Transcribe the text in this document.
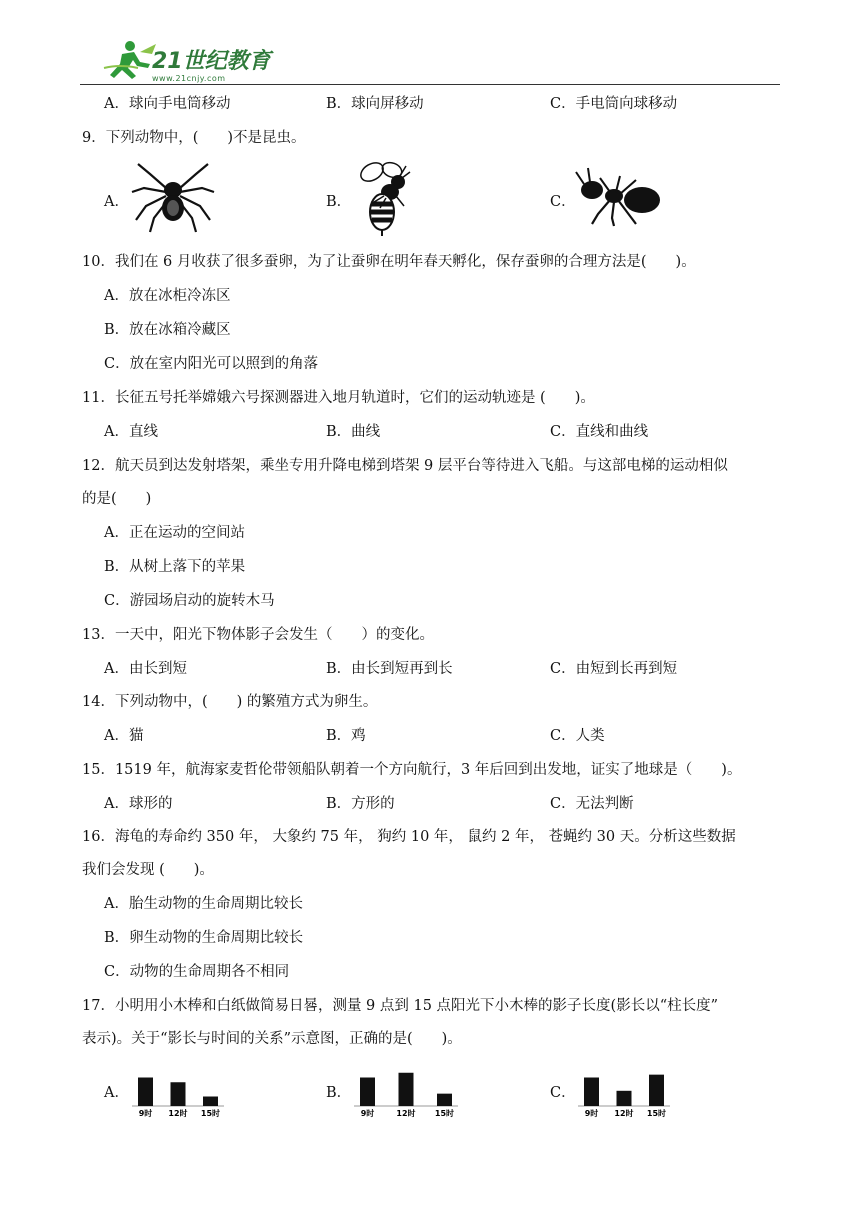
21世纪教育
www.21cnjy.com
A．球向手电筒移动	B．球向屏移动	C．手电筒向球移动
9．下列动物中，(　　)不是昆虫。
A．	B．	C．
10．我们在 6 月收获了很多蚕卵，为了让蚕卵在明年春天孵化，保存蚕卵的合理方法是(　　)。
A．放在冰柜冷冻区
B．放在冰箱冷藏区
C．放在室内阳光可以照到的角落
11．长征五号托举嫦娥六号探测器进入地月轨道时，它们的运动轨迹是 (　　)。
A．直线	B．曲线	C．直线和曲线
12．航天员到达发射塔架，乘坐专用升降电梯到塔架 9 层平台等待进入飞船。与这部电梯的运动相似
的是(　　)
A．正在运动的空间站
B．从树上落下的苹果
C．游园场启动的旋转木马
13．一天中，阳光下物体影子会发生（　　）的变化。
A．由长到短	B．由长到短再到长	C．由短到长再到短
14．下列动物中，(　　) 的繁殖方式为卵生。
A．猫	B．鸡	C．人类
15．1519 年，航海家麦哲伦带领船队朝着一个方向航行，3 年后回到出发地，证实了地球是（　　)。
A．球形的	B．方形的	C．无法判断
16．海龟的寿命约 350 年， 大象约 75 年， 狗约 10 年， 鼠约 2 年， 苍蝇约 30 天。分析这些数据
我们会发现 (　　)。
A．胎生动物的生命周期比较长
B．卵生动物的生命周期比较长
C．动物的生命周期各不相同
17．小明用小木棒和白纸做简易日晷，测量 9 点到 15 点阳光下小木棒的影子长度(影长以“柱长度”
表示)。关于“影长与时间的关系”示意图，正确的是(　　)。
A．
9时 12时 15时
B．
9时	12时 15时
C．
9时 12时 15时
